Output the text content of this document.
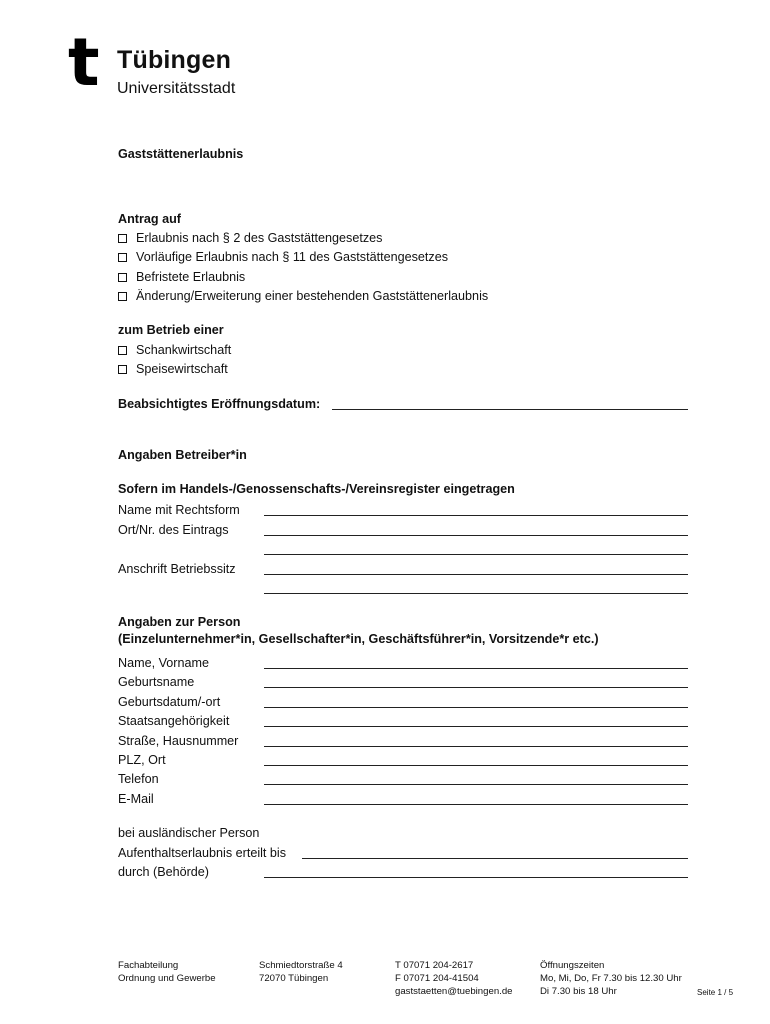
t Tübingen
Universitätsstadt
Gaststättenerlaubnis
Antrag auf
Erlaubnis nach § 2 des Gaststättengesetzes
Vorläufige Erlaubnis nach § 11 des Gaststättengesetzes
Befristete Erlaubnis
Änderung/Erweiterung einer bestehenden Gaststättenerlaubnis
zum Betrieb einer
Schankwirtschaft
Speisewirtschaft
Beabsichtigtes Eröffnungsdatum:
Angaben Betreiber*in
Sofern im Handels-/Genossenschafts-/Vereinsregister eingetragen
Name mit Rechtsform
Ort/Nr. des Eintrags
Anschrift Betriebssitz
Angaben zur Person
(Einzelunternehmer*in, Gesellschafter*in, Geschäftsführer*in, Vorsitzende*r etc.)
Name, Vorname
Geburtsname
Geburtsdatum/-ort
Staatsangehörigkeit
Straße, Hausnummer
PLZ, Ort
Telefon
E-Mail
bei ausländischer Person
Aufenthaltserlaubnis erteilt bis
durch (Behörde)
Fachabteilung
Ordnung und Gewerbe
Schmiedtorstraße 4
72070 Tübingen
T 07071 204-2617
F 07071 204-41504
gaststaetten@tuebingen.de
Öffnungszeiten
Mo, Mi, Do, Fr 7.30 bis 12.30 Uhr
Di 7.30 bis 18 Uhr	Seite 1 / 5
